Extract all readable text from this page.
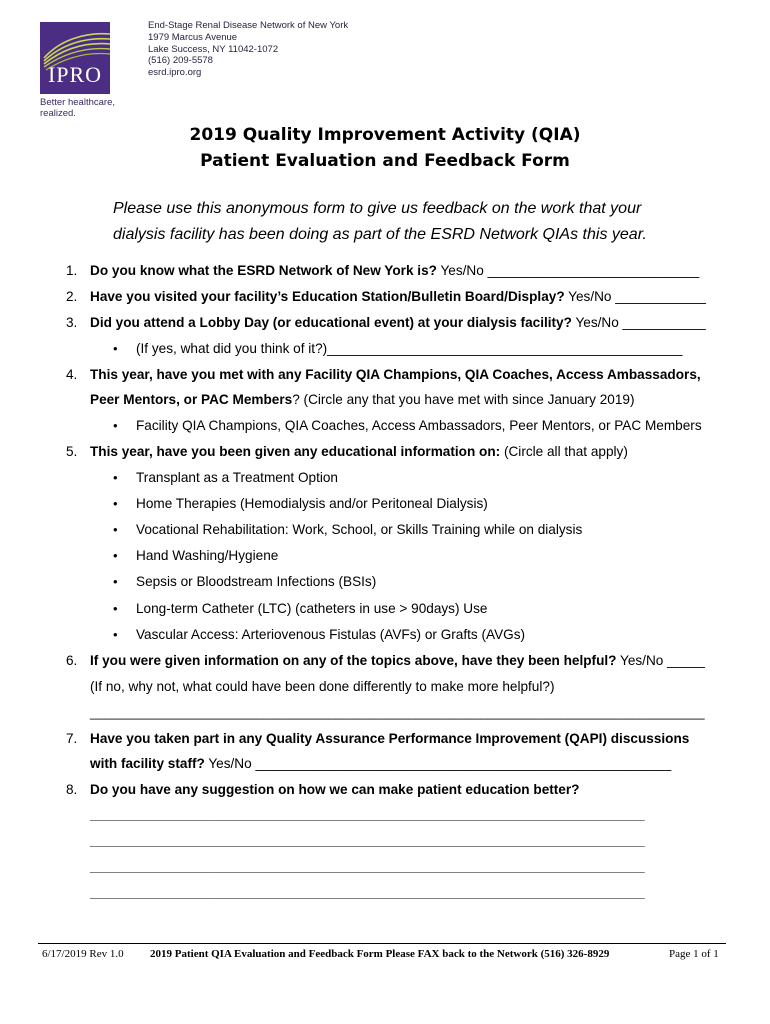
IPRO
Better healthcare,
realized.
End-Stage Renal Disease Network of New York
1979 Marcus Avenue
Lake Success, NY 11042-1072
(516) 209-5578
esrd.ipro.org
2019 Quality Improvement Activity (QIA)
Patient Evaluation and Feedback Form
Please use this anonymous form to give us feedback on the work that your
dialysis facility has been doing as part of the ESRD Network QIAs this year.
1. Do you know what the ESRD Network of New York is? Yes/No ____________________________
2. Have you visited your facility’s Education Station/Bulletin Board/Display? Yes/No ____________
3. Did you attend a Lobby Day (or educational event) at your dialysis facility? Yes/No ___________
• (If yes, what did you think of it?)_______________________________________________
4. This year, have you met with any Facility QIA Champions, QIA Coaches, Access Ambassadors,
Peer Mentors, or PAC Members? (Circle any that you have met with since January 2019)
• Facility QIA Champions, QIA Coaches, Access Ambassadors, Peer Mentors, or PAC Members
5. This year, have you been given any educational information on: (Circle all that apply)
• Transplant as a Treatment Option
• Home Therapies (Hemodialysis and/or Peritoneal Dialysis)
• Vocational Rehabilitation: Work, School, or Skills Training while on dialysis
• Hand Washing/Hygiene
• Sepsis or Bloodstream Infections (BSIs)
• Long-term Catheter (LTC) (catheters in use > 90days) Use
• Vascular Access: Arteriovenous Fistulas (AVFs) or Grafts (AVGs)
6. If you were given information on any of the topics above, have they been helpful? Yes/No _____
(If no, why not, what could have been done differently to make more helpful?)
_____________________________________________________________________________________
7. Have you taken part in any Quality Assurance Performance Improvement (QAPI) discussions
with facility staff? Yes/No _______________________________________________________
8. Do you have any suggestion on how we can make patient education better?
___________________________________________________________________________
___________________________________________________________________________
___________________________________________________________________________
___________________________________________________________________________
6/17/2019 Rev 1.0 2019 Patient QIA Evaluation and Feedback Form Please FAX back to the Network (516) 326-8929	Page 1 of 1
